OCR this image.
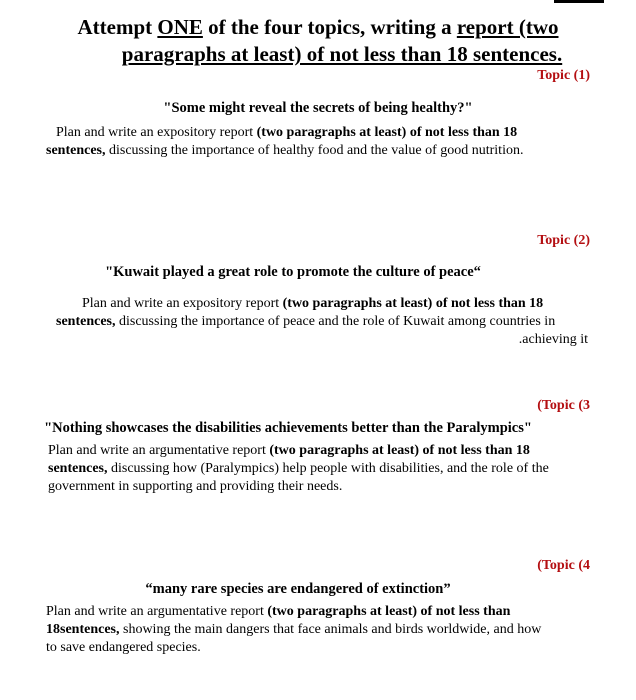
Attempt ONE of the four topics, writing a report (two
paragraphs at least) of not less than 18 sentences.
Topic (1)
"Some might reveal the secrets of being healthy?"
Plan and write an expository report (two paragraphs at least) of not less than 18
sentences, discussing the importance of healthy food and the value of good nutrition.
Topic (2)
"Kuwait played a great role to promote the culture of peace“
Plan and write an expository report (two paragraphs at least) of not less than 18
sentences, discussing the importance of peace and the role of Kuwait among countries in
.achieving it
(Topic (3
"Nothing showcases the disabilities achievements better than the Paralympics"
Plan and write an argumentative report (two paragraphs at least) of not less than 18
sentences, discussing how (Paralympics) help people with disabilities, and the role of the
government in supporting and providing their needs.
(Topic (4
“many rare species are endangered of extinction”
Plan and write an argumentative report (two paragraphs at least) of not less than
18sentences, showing the main dangers that face animals and birds worldwide, and how
to save endangered species.
